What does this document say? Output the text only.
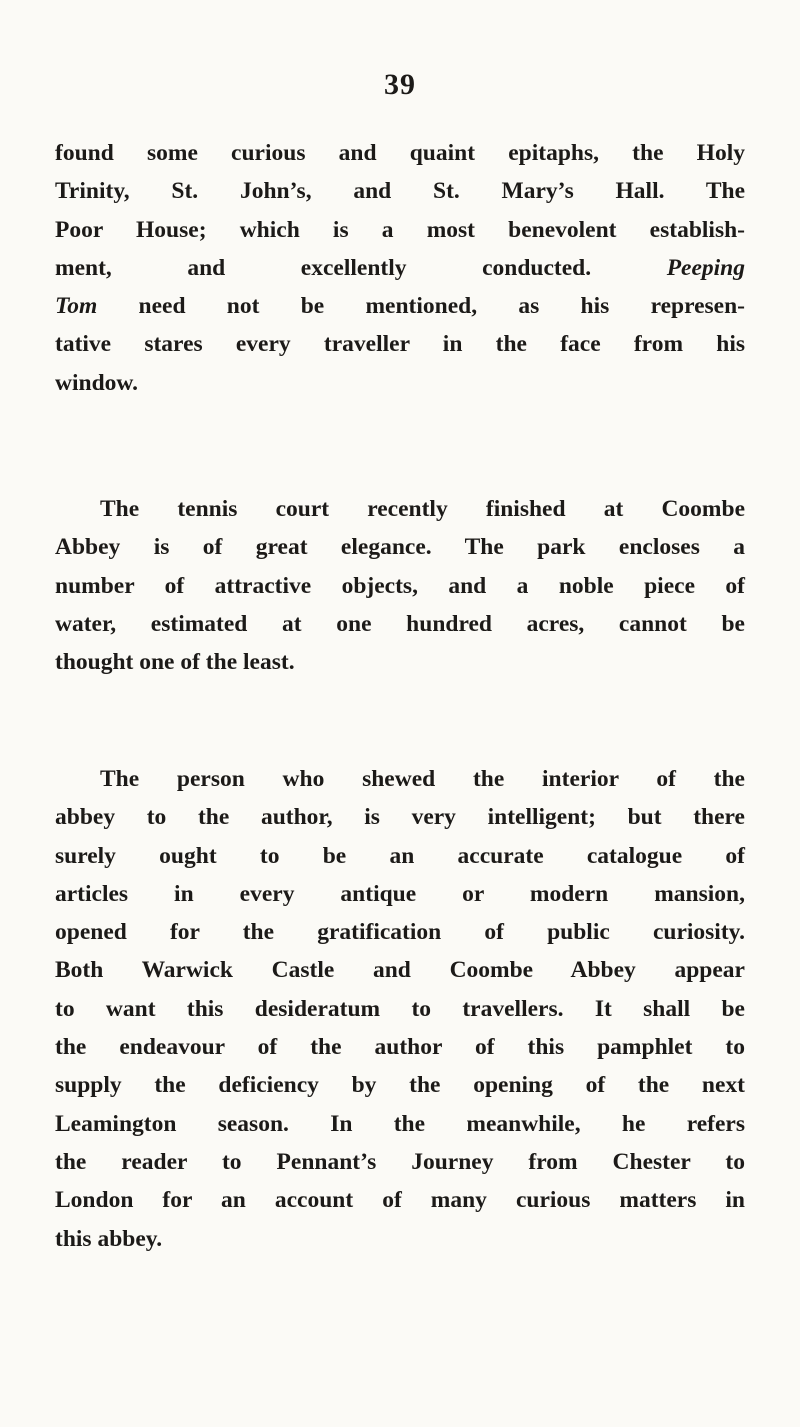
39
found some curious and quaint epitaphs, the Holy
Trinity, St. John’s, and St. Mary’s Hall. The
Poor House; which is a most benevolent establish-
ment, and excellently conducted.	Peeping
Tom need not be mentioned, as his represen-
tative stares every traveller in the face from his
window.
The tennis court recently finished at Coombe
Abbey is of great elegance. The park encloses a
number of attractive objects, and a noble piece of
water, estimated at one hundred acres, cannot be
thought one of the least.
The person who shewed the interior of the
abbey to the author, is very intelligent; but there
surely ought to be an accurate catalogue of
articles in every antique or modern mansion,
opened for the gratification of public curiosity.
Both Warwick Castle and Coombe Abbey appear
to want this desideratum to travellers. It shall be
the endeavour of the author of this pamphlet to
supply the deficiency by the opening of the next
Leamington season. In the meanwhile, he refers
the reader to Pennant’s Journey from Chester to
London for an account of many curious matters in
this abbey.
